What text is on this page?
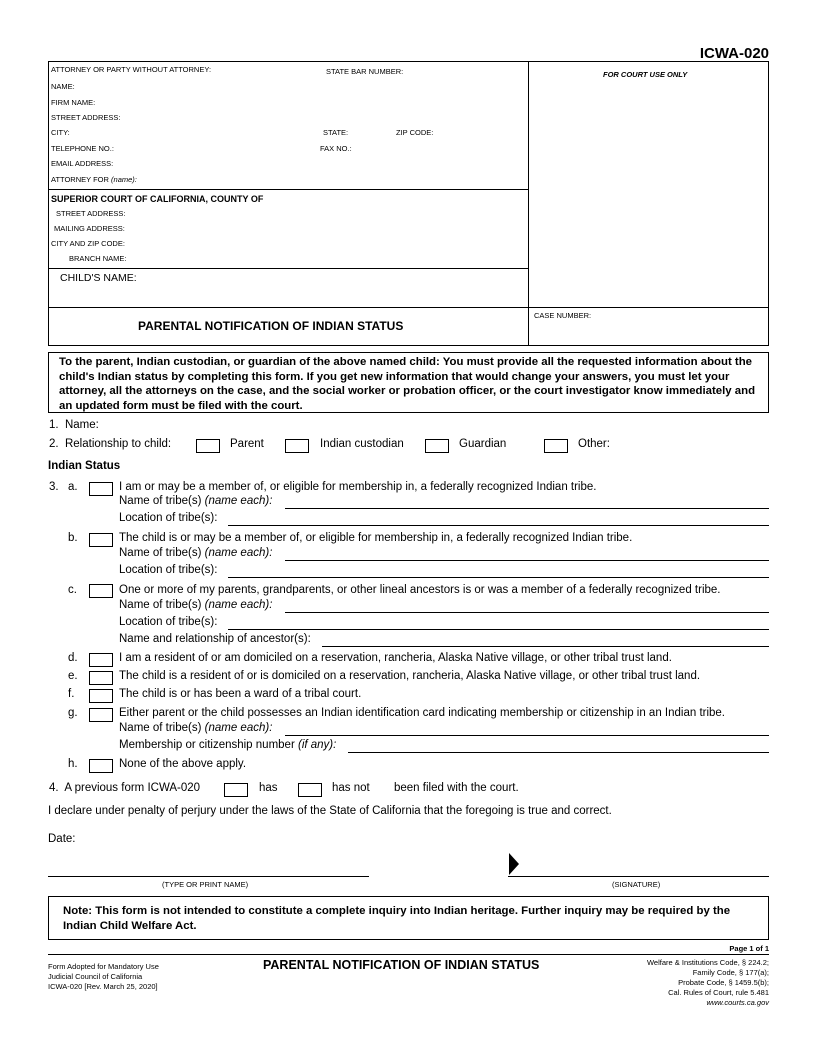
ICWA-020
ATTORNEY OR PARTY WITHOUT ATTORNEY:	STATE BAR NUMBER:	FOR COURT USE ONLY
NAME:
FIRM NAME:
STREET ADDRESS:
CITY:	STATE:	ZIP CODE:
TELEPHONE NO.:	FAX NO.:
EMAIL ADDRESS:
ATTORNEY FOR (name):
SUPERIOR COURT OF CALIFORNIA, COUNTY OF
STREET ADDRESS:
MAILING ADDRESS:
CITY AND ZIP CODE:
BRANCH NAME:
CHILD'S NAME:
PARENTAL NOTIFICATION OF INDIAN STATUS
CASE NUMBER:
To the parent, Indian custodian, or guardian of the above named child: You must provide all the requested information about the child's Indian status by completing this form. If you get new information that would change your answers, you must let your attorney, all the attorneys on the case, and the social worker or probation officer, or the court investigator know immediately and an updated form must be filed with the court.
1. Name:
2. Relationship to child:	Parent	Indian custodian	Guardian	Other:
Indian Status
3. a.	I am or may be a member of, or eligible for membership in, a federally recognized Indian tribe.
Name of tribe(s) (name each):
Location of tribe(s):
b.	The child is or may be a member of, or eligible for membership in, a federally recognized Indian tribe.
Name of tribe(s) (name each):
Location of tribe(s):
c.	One or more of my parents, grandparents, or other lineal ancestors is or was a member of a federally recognized tribe.
Name of tribe(s) (name each):
Location of tribe(s):
Name and relationship of ancestor(s):
d.	I am a resident of or am domiciled on a reservation, rancheria, Alaska Native village, or other tribal trust land.
e.	The child is a resident of or is domiciled on a reservation, rancheria, Alaska Native village, or other tribal trust land.
f.	The child is or has been a ward of a tribal court.
g.	Either parent or the child possesses an Indian identification card indicating membership or citizenship in an Indian tribe.
Name of tribe(s) (name each):
Membership or citizenship number (if any):
h.	None of the above apply.
4. A previous form ICWA-020	has	has not been filed with the court.
I declare under penalty of perjury under the laws of the State of California that the foregoing is true and correct.
Date:
(TYPE OR PRINT NAME)	(SIGNATURE)
Note: This form is not intended to constitute a complete inquiry into Indian heritage. Further inquiry may be required by the Indian Child Welfare Act.
Page 1 of 1
Form Adopted for Mandatory Use
Judicial Council of California
ICWA-020 [Rev. March 25, 2020]
PARENTAL NOTIFICATION OF INDIAN STATUS	Welfare & Institutions Code, § 224.2;
Family Code, § 177(a);
Probate Code, § 1459.5(b);
Cal. Rules of Court, rule 5.481
www.courts.ca.gov
